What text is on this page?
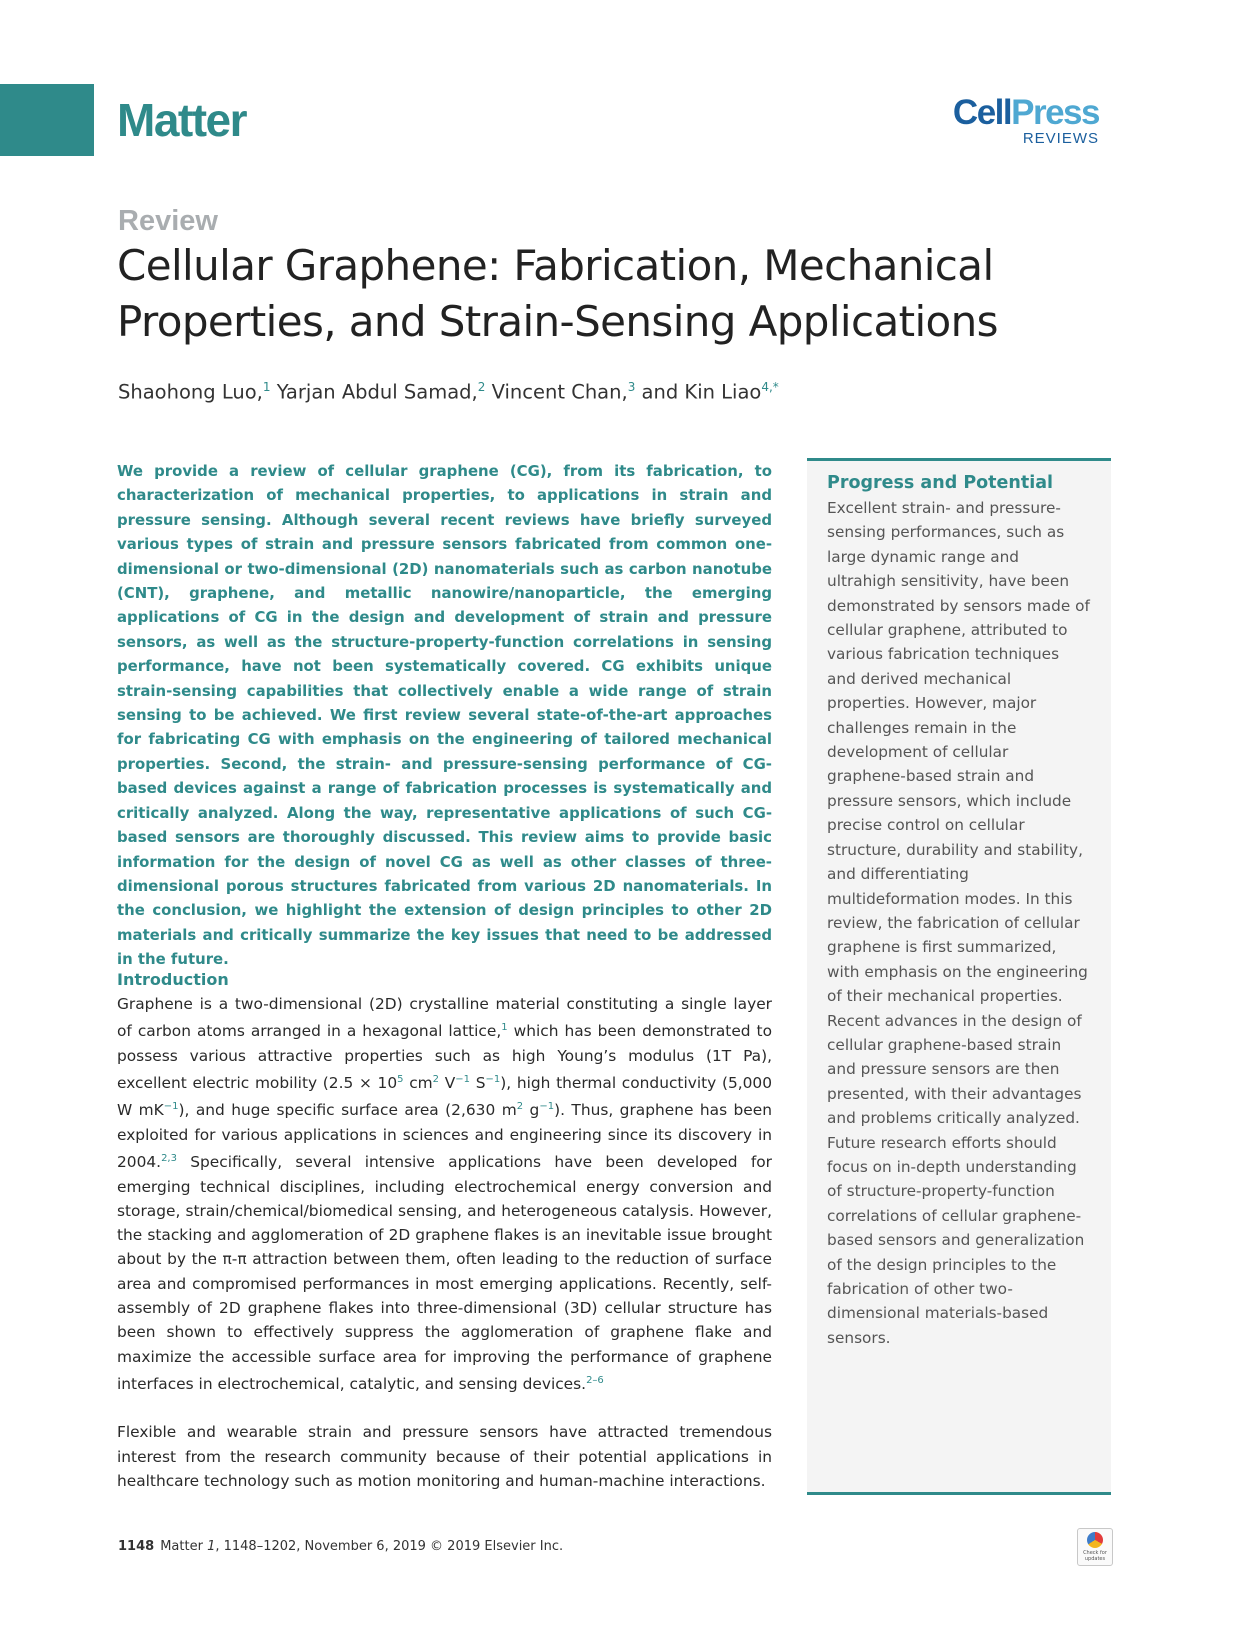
Matter	CellPress
REVIEWS
Review
Cellular Graphene: Fabrication, Mechanical Properties, and Strain-Sensing Applications
Shaohong Luo,$^1$ Yarjan Abdul Samad,$^2$ Vincent Chan,$^3$ and Kin Liao$^{4,*}$

We provide a review of cellular graphene (CG), from its fabrication, to characterization of mechanical properties, to applications in strain and pressure sensing. Although several recent reviews have briefly surveyed various types of strain and pressure sensors fabricated from common one-dimensional or two-dimensional (2D) nanomaterials such as carbon nanotube (CNT), graphene, and metallic nanowire/nanoparticle, the emerging applications of CG in the design and development of strain and pressure sensors, as well as the structure-property-function correlations in sensing performance, have not been systematically covered. CG exhibits unique strain-sensing capabilities that collectively enable a wide range of strain sensing to be achieved. We first review several state-of-the-art approaches for fabricating CG with emphasis on the engineering of tailored mechanical properties. Second, the strain- and pressure-sensing performance of CG-based devices against a range of fabrication processes is systematically and critically analyzed. Along the way, representative applications of such CG-based sensors are thoroughly discussed. This review aims to provide basic information for the design of novel CG as well as other classes of three-dimensional porous structures fabricated from various 2D nanomaterials. In the conclusion, we highlight the extension of design principles to other 2D materials and critically summarize the key issues that need to be addressed in the future.

Introduction

Graphene is a two-dimensional (2D) crystalline material constituting a single layer of carbon atoms arranged in a hexagonal lattice,$^1$ which has been demonstrated to possess various attractive properties such as high Young’s modulus (1T Pa), excellent electric mobility ($2.5 \times 10^5$ $cm^2$ $V^{-1}$ $S^{-1}$), high thermal conductivity (5,000 W $mK^{-1}$), and huge specific surface area (2,630 $m^2$ $g^{-1}$). Thus, graphene has been exploited for various applications in sciences and engineering since its discovery in 2004.$^{2,3}$ Specifically, several intensive applications have been developed for emerging technical disciplines, including electrochemical energy conversion and storage, strain/chemical/biomedical sensing, and heterogeneous catalysis. However, the stacking and agglomeration of 2D graphene flakes is an inevitable issue brought about by the π-π attraction between them, often leading to the reduction of surface area and compromised performances in most emerging applications. Recently, self-assembly of 2D graphene flakes into three-dimensional (3D) cellular structure has been shown to effectively suppress the agglomeration of graphene flake and maximize the accessible surface area for improving the performance of graphene interfaces in electrochemical, catalytic, and sensing devices.$^{2-6}$

Flexible and wearable strain and pressure sensors have attracted tremendous interest from the research community because of their potential applications in healthcare technology such as motion monitoring and human-machine interactions.

Progress and Potential

Excellent strain- and pressure-sensing performances, such as large dynamic range and ultrahigh sensitivity, have been demonstrated by sensors made of cellular graphene, attributed to various fabrication techniques and derived mechanical properties. However, major challenges remain in the development of cellular graphene-based strain and pressure sensors, which include precise control on cellular structure, durability and stability, and differentiating multideformation modes. In this review, the fabrication of cellular graphene is first summarized, with emphasis on the engineering of their mechanical properties. Recent advances in the design of cellular graphene-based strain and pressure sensors are then presented, with their advantages and problems critically analyzed. Future research efforts should focus on in-depth understanding of structure-property-function correlations of cellular graphene-based sensors and generalization of the design principles to the fabrication of other two-dimensional materials-based sensors.

1148 Matter 1, 1148–1202, November 6, 2019 © 2019 Elsevier Inc.	Check for updates
